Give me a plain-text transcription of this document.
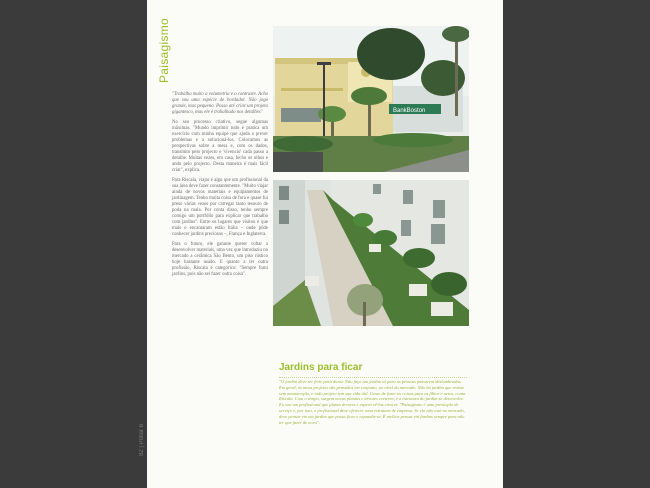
Paisagismo
82 | Pollar 6

"Trabalho muito a volumetria e o contraste. Acho que sou uma espécie de bordador. Não jogo grande, mas pequeno. Posso até criar um projeto gigantesco, mas ele é trabalhado nos detalhes"

No seu processo criativo, segue algumas máximas. "Mundo imprimir tudo e pratica um exercício com minha equipe que ajuda a prever problemas e a solucioná-los. Colocamos as perspectivas sobre a mesa e, com os dados, transmito pelo projecto e 'vivencio' cada passo a detalhe. Muitas vezes, em casa, fecho os olhos e ando pelo projecto. Desta maneira é mais fácil criar", explica.

Para Riscala, viajar é algo que um profissional da sua área deve fazer constantemente. "Muito viajar ainda de novos materiais e equipamentos de jardinagem. Tenho muita coisa de fora e quase fui preso várias vezes por carregar tanto tesouro de poda na mala. Por conta disso, tenho sempre comigo um portfólio para explicar que trabalho com jardins". Entre os lugares que visitou e que mais o encantaram estão Itália – onde pôde conhecer jardins preciosos –, França e Inglaterra.

Para o futuro, ele garante querer voltar a desenvolver materiais, uma vez que introduziu no mercado a cerâmica São Bento, um piso rústico hoje bastante usado. E quanto a ter outra profissão, Riscala é categórico: "Sempre fomi jardins, pois não sei fazer outra coisa".

BankBoston
Jardins para ficar

"O jardim deve ser feito para durar. Não faço um jardim só para as pessoas passarem deslumbradas. Em geral, os meus projetos são pensados em conjunto, ao nível do mercado. Não há jardim que resiste sem manutenção, e todo projeto tem sua vida útil. Gosto de fazer as coisas para os filhos e netos, conta Riscala. Com o tempo, surgem novas plantas e árvores crescem, e a estrutura do jardim se desenvolve. Eu sou um profissional que planta árvores e espera vê-las crescer. "Paisagismo é uma prestação de serviço e, por isso, o profissional deve oferecer uma estrutura de empresa. Se ela não está no mercado, deve pensar em um jardim que possa ficar e expandir-se. É melhor pensar em jardins sempre para não ter que fazer de novo".
